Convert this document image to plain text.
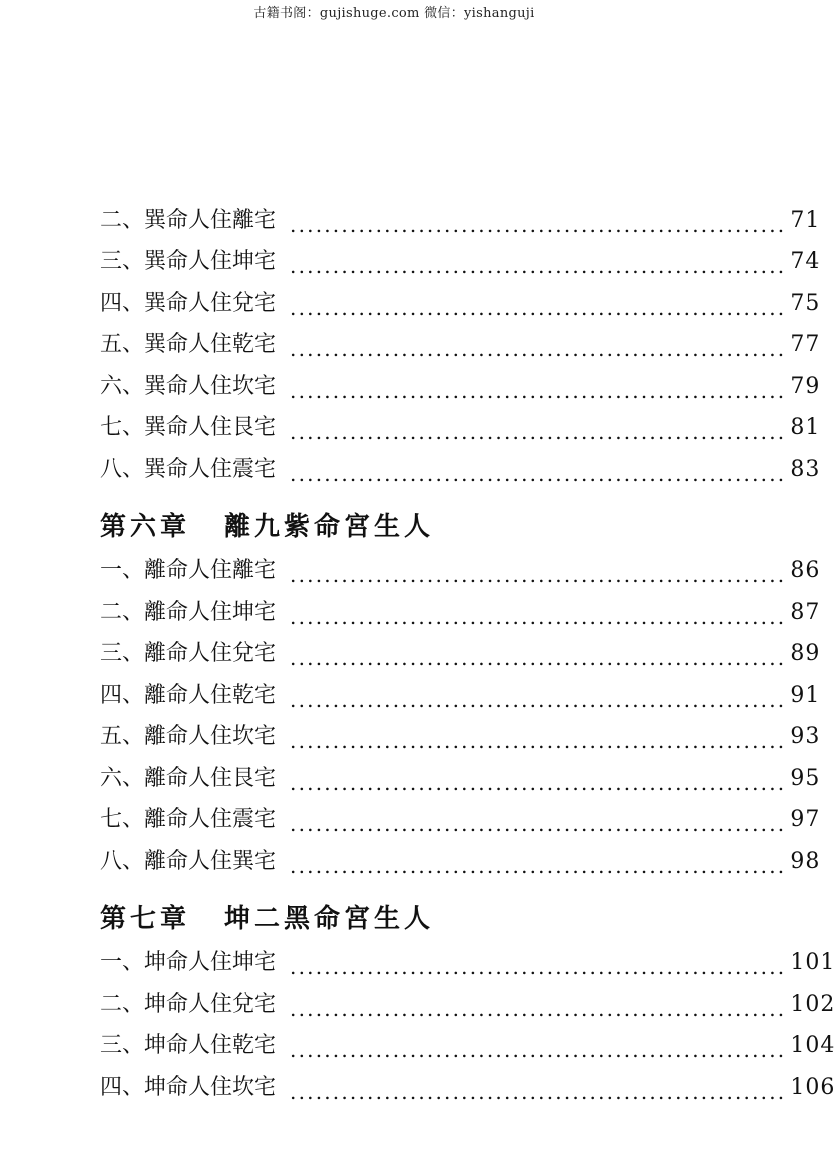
古籍书阁：gujishuge.com 微信：yishanguji
二、巽命人住離宅 .......................................................... 71
三、巽命人住坤宅 .......................................................... 74
四、巽命人住兌宅 .......................................................... 75
五、巽命人住乾宅 .......................................................... 77
六、巽命人住坎宅 .......................................................... 79
七、巽命人住艮宅 .......................................................... 81
八、巽命人住震宅 .......................................................... 83
第六章 離九紫命宮生人
一、離命人住離宅 .......................................................... 86
二、離命人住坤宅 .......................................................... 87
三、離命人住兌宅 .......................................................... 89
四、離命人住乾宅 .......................................................... 91
五、離命人住坎宅 .......................................................... 93
六、離命人住艮宅 .......................................................... 95
七、離命人住震宅 .......................................................... 97
八、離命人住巽宅 .......................................................... 98
第七章 坤二黑命宮生人
一、坤命人住坤宅 .......................................................... 101
二、坤命人住兌宅 .......................................................... 102
三、坤命人住乾宅 .......................................................... 104
四、坤命人住坎宅 .......................................................... 106
